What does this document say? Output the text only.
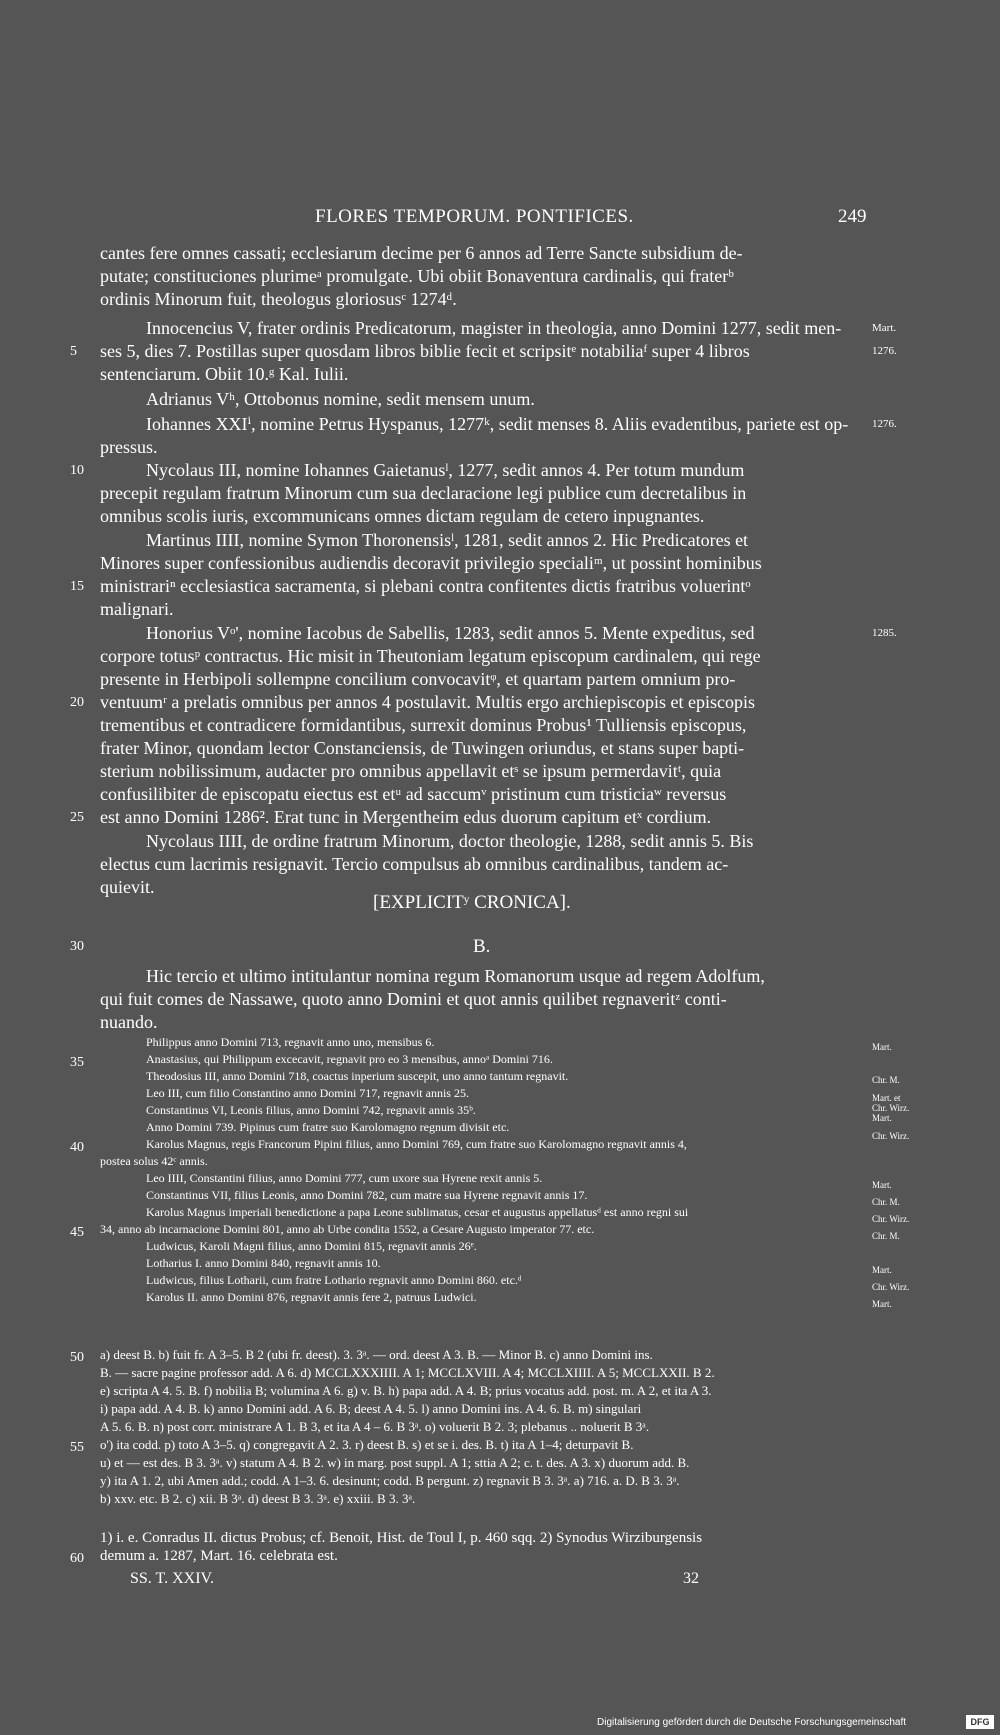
FLORES TEMPORUM. PONTIFICES.	249
cantes fere omnes cassati; ecclesiarum decime per 6 annos ad Terre Sancte subsidium de-
putate; constituciones plurimeᵃ promulgate. Ubi obiit Bonaventura cardinalis, qui fraterᵇ
ordinis Minorum fuit, theologus gloriosusᶜ 1274ᵈ.
Innocencius V, frater ordinis Predicatorum, magister in theologia, anno Domini 1277, sedit men-
ses 5, dies 7. Postillas super quosdam libros biblie fecit et scripsitᵉ notabiliaᶠ super 4 libros
sentenciarum. Obiit 10.ᵍ Kal. Iulii.
Adrianus Vʰ, Ottobonus nomine, sedit mensem unum.
Iohannes XXIⁱ, nomine Petrus Hyspanus, 1277ᵏ, sedit menses 8. Aliis evadentibus, pariete est op-
pressus.
Nycolaus III, nomine Iohannes Gaietanusˡ, 1277, sedit annos 4. Per totum mundum
precepit regulam fratrum Minorum cum sua declaracione legi publice cum decretalibus in
omnibus scolis iuris, excommunicans omnes dictam regulam de cetero inpugnantes.
Martinus IIII, nomine Symon Thoronensisˡ, 1281, sedit annos 2. Hic Predicatores et
Minores super confessionibus audiendis decoravit privilegio specialiᵐ, ut possint hominibus
ministrariⁿ ecclesiastica sacramenta, si plebani contra confitentes dictis fratribus voluerintᵒ
malignari.
Honorius Vᵒ', nomine Iacobus de Sabellis, 1283, sedit annos 5. Mente expeditus, sed
corpore totusᵖ contractus. Hic misit in Theutoniam legatum episcopum cardinalem, qui rege
presente in Herbipoli sollempne concilium convocavitᵠ, et quartam partem omnium pro-
ventuumʳ a prelatis omnibus per annos 4 postulavit. Multis ergo archiepiscopis et episcopis
trementibus et contradicere formidantibus, surrexit dominus Probus¹ Tulliensis episcopus,
frater Minor, quondam lector Constanciensis, de Tuwingen oriundus, et stans super bapti-
sterium nobilissimum, audacter pro omnibus appellavit etˢ se ipsum permerdavitᵗ, quia
confusilibiter de episcopatu eiectus est etᵘ ad saccumᵛ pristinum cum tristiciaʷ reversus
est anno Domini 1286². Erat tunc in Mergentheim edus duorum capitum etˣ cordium.
Nycolaus IIII, de ordine fratrum Minorum, doctor theologie, 1288, sedit annis 5. Bis
electus cum lacrimis resignavit. Tercio compulsus ab omnibus cardinalibus, tandem ac-
quievit.
Hic tercio et ultimo intitulantur nomina regum Romanorum usque ad regem Adolfum,
qui fuit comes de Nassawe, quoto anno Domini et quot annis quilibet regnaveritᶻ conti-
nuando.
[EXPLICITʸ CRONICA].
B.
Philippus anno Domini 713, regnavit anno uno, mensibus 6.
Anastasius, qui Philippum excecavit, regnavit pro eo 3 mensibus, annoᵃ Domini 716.
Theodosius III, anno Domini 718, coactus inperium suscepit, uno anno tantum regnavit.
Leo III, cum filio Constantino anno Domini 717, regnavit annis 25.
Constantinus VI, Leonis filius, anno Domini 742, regnavit annis 35ᵇ.
Anno Domini 739. Pipinus cum fratre suo Karolomagno regnum divisit etc.
Karolus Magnus, regis Francorum Pipini filius, anno Domini 769, cum fratre suo Karolomagno regnavit annis 4,
postea solus 42ᶜ annis.
Leo IIII, Constantini filius, anno Domini 777, cum uxore sua Hyrene rexit annis 5.
Constantinus VII, filius Leonis, anno Domini 782, cum matre sua Hyrene regnavit annis 17.
Karolus Magnus imperiali benedictione a papa Leone sublimatus, cesar et augustus appellatusᵈ est anno regni sui
34, anno ab incarnacione Domini 801, anno ab Urbe condita 1552, a Cesare Augusto imperator 77. etc.
Ludwicus, Karoli Magni filius, anno Domini 815, regnavit annis 26ᵉ.
Lotharius I. anno Domini 840, regnavit annis 10.
Ludwicus, filius Lotharii, cum fratre Lothario regnavit anno Domini 860. etc.ᵈ
Karolus II. anno Domini 876, regnavit annis fere 2, patruus Ludwici.
a) deest B. b) fuit fr. A 3–5. B 2 (ubi fr. deest). 3. 3ᵃ. — ord. deest A 3. B. — Minor B. c) anno Domini ins.
B. — sacre pagine professor add. A 6. d) MCCLXXXIIII. A 1; MCCLXVIII. A 4; MCCLXIIII. A 5; MCCLXXII. B 2.
e) scripta A 4. 5. B. f) nobilia B; volumina A 6. g) v. B. h) papa add. A 4. B; prius vocatus add. post. m. A 2, et ita A 3.
i) papa add. A 4. B. k) anno Domini add. A 6. B; deest A 4. 5. l) anno Domini ins. A 4. 6. B. m) singulari
A 5. 6. B. n) post corr. ministrare A 1. B 3, et ita A 4 – 6. B 3ᵃ. o) voluerit B 2. 3; plebanus .. noluerit B 3ᵃ.
o') ita codd. p) toto A 3–5. q) congregavit A 2. 3. r) deest B. s) et se i. des. B. t) ita A 1–4; deturpavit B.
u) et — est des. B 3. 3ᵃ. v) statum A 4. B 2. w) in marg. post suppl. A 1; sttia A 2; c. t. des. A 3. x) duorum add. B.
y) ita A 1. 2, ubi Amen add.; codd. A 1–3. 6. desinunt; codd. B pergunt. z) regnavit B 3. 3ᵃ. a) 716. a. D. B 3. 3ᵃ.
b) xxv. etc. B 2. c) xii. B 3ᵃ. d) deest B 3. 3ᵃ. e) xxiii. B 3. 3ᵃ.
1) i. e. Conradus II. dictus Probus; cf. Benoit, Hist. de Toul I, p. 460 sqq. 2) Synodus Wirziburgensis
demum a. 1287, Mart. 16. celebrata est.
5
10
15
20
25
30
35
40
45
50
55
60
Mart.
1276.
1276.
1285.
Mart.
Chr. M.
Mart. et
Chr. Wirz.
Mart.
Chr. Wirz.
Mart.
Chr. M.
Chr. Wirz.
Chr. M.
Mart.
Chr. Wirz.
Mart.
SS. T. XXIV.	32
Digitalisierung gefördert durch die Deutsche Forschungsgemeinschaft	DFG
